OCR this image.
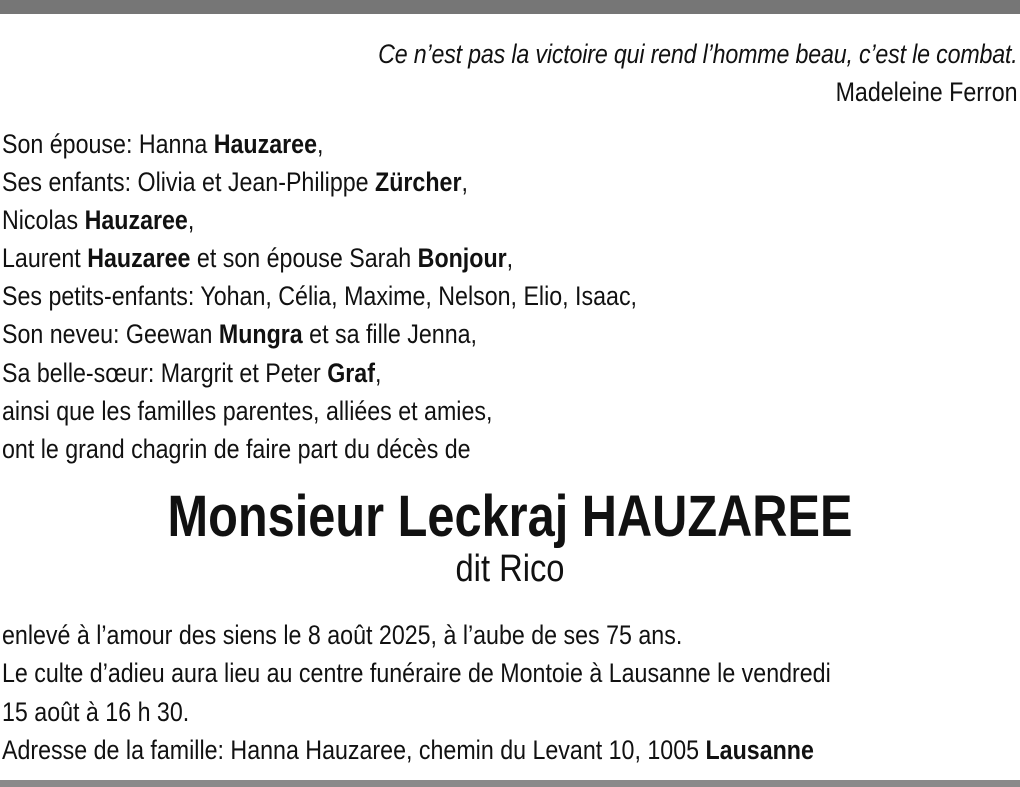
Ce n’est pas la victoire qui rend l’homme beau, c’est le combat.
Madeleine Ferron
Son épouse: Hanna Hauzaree,
Ses enfants: Olivia et Jean-Philippe Zürcher,
Nicolas Hauzaree,
Laurent Hauzaree et son épouse Sarah Bonjour,
Ses petits-enfants: Yohan, Célia, Maxime, Nelson, Elio, Isaac,
Son neveu: Geewan Mungra et sa fille Jenna,
Sa belle-sœur: Margrit et Peter Graf,
ainsi que les familles parentes, alliées et amies,
ont le grand chagrin de faire part du décès de
Monsieur Leckraj HAUZAREE
dit Rico
enlevé à l’amour des siens le 8 août 2025, à l’aube de ses 75 ans.
Le culte d’adieu aura lieu au centre funéraire de Montoie à Lausanne le vendredi
15 août à 16 h 30.
Adresse de la famille: Hanna Hauzaree, chemin du Levant 10, 1005 Lausanne
